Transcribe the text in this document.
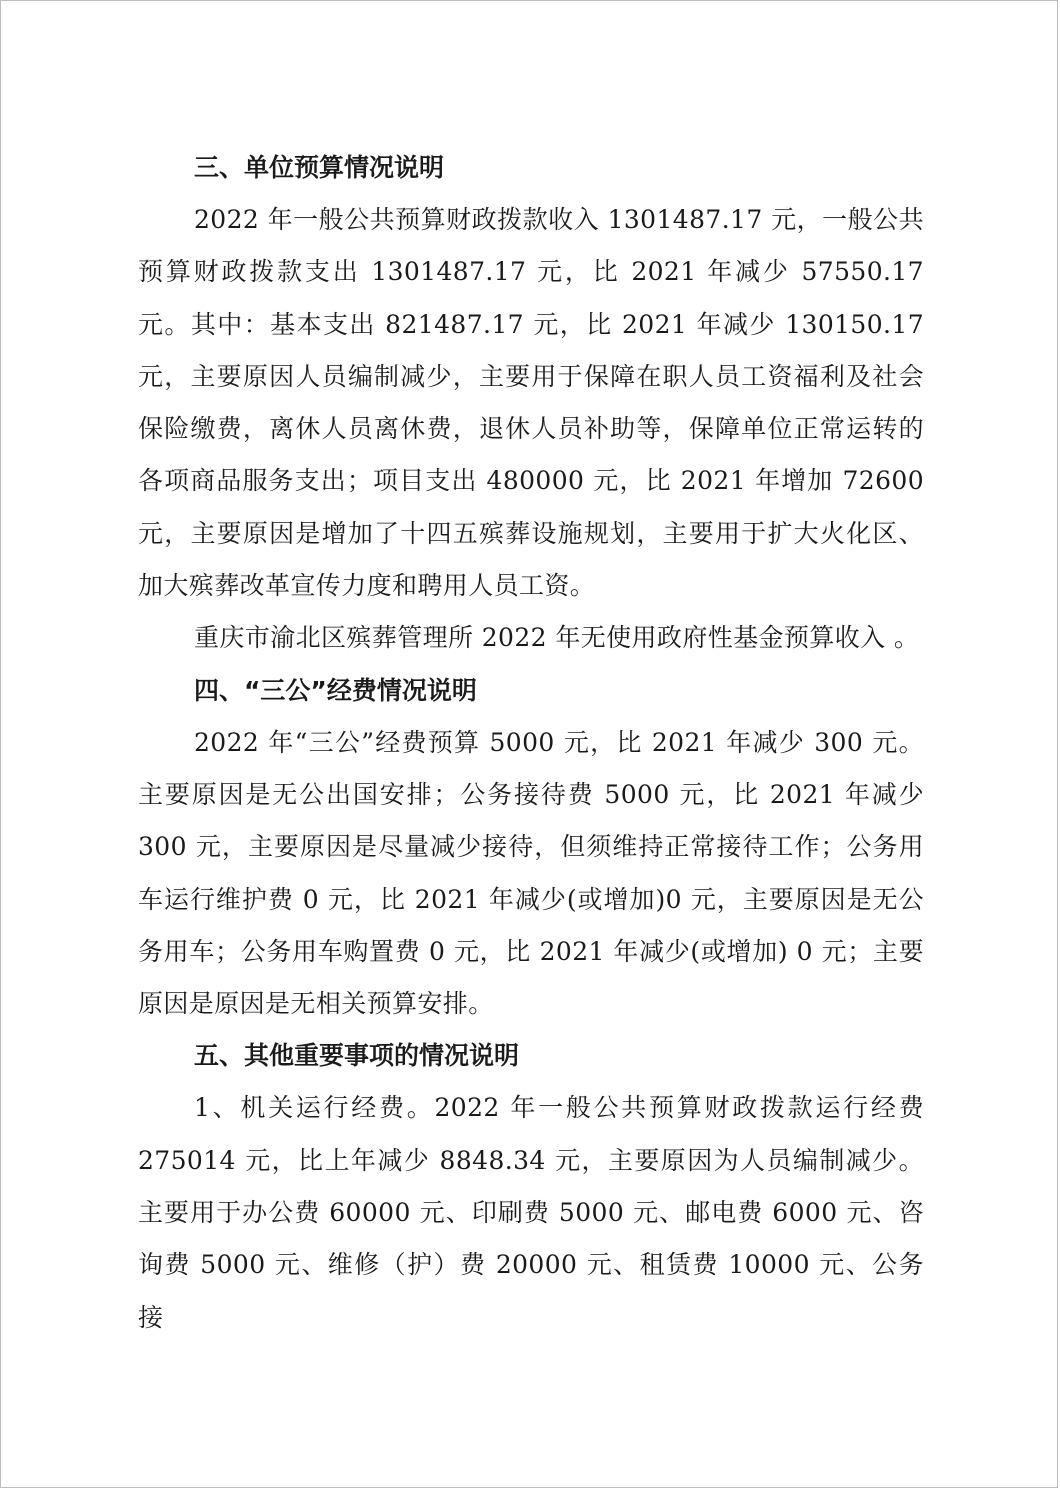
三、单位预算情况说明

2022 年一般公共预算财政拨款收入 1301487.17 元，一般公共预算财政拨款支出 1301487.17 元，比 2021 年减少 57550.17 元。其中：基本支出 821487.17 元，比 2021 年减少 130150.17 元，主要原因人员编制减少，主要用于保障在职人员工资福利及社会保险缴费，离休人员离休费，退休人员补助等，保障单位正常运转的各项商品服务支出；项目支出 480000 元，比 2021 年增加 72600 元，主要原因是增加了十四五殡葬设施规划，主要用于扩大火化区、加大殡葬改革宣传力度和聘用人员工资。

重庆市渝北区殡葬管理所 2022 年无使用政府性基金预算收入 。

四、“三公”经费情况说明

2022 年“三公”经费预算 5000 元，比 2021 年减少 300 元。主要原因是无公出国安排；公务接待费 5000 元，比 2021 年减少 300 元，主要原因是尽量减少接待，但须维持正常接待工作；公务用车运行维护费 0 元，比 2021 年减少(或增加)0 元，主要原因是无公务用车；公务用车购置费 0 元，比 2021 年减少(或增加) 0 元；主要原因是原因是无相关预算安排。

五、其他重要事项的情况说明

1、机关运行经费。2022 年一般公共预算财政拨款运行经费 275014 元，比上年减少 8848.34 元，主要原因为人员编制减少。主要用于办公费 60000 元、印刷费 5000 元、邮电费 6000 元、咨询费 5000 元、维修（护）费 20000 元、租赁费 10000 元、公务接
